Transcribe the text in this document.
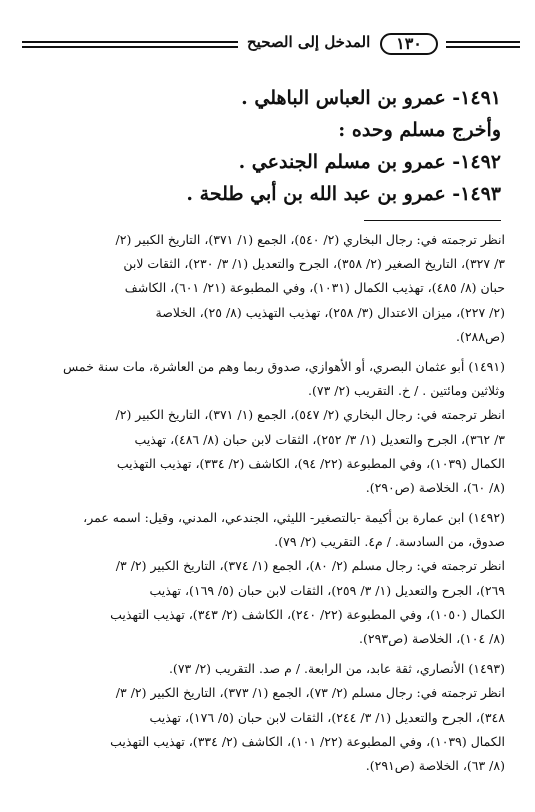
١٣٠
المدخل إلى الصحيح
١٤٩١- عمرو بن العباس الباهلي .
وأخرج مسلم وحده :
١٤٩٢- عمرو بن مسلم الجندعي .
١٤٩٣- عمرو بن عبد الله بن أبي طلحة .
انظر ترجمته في: رجال البخاري (٢/ ٥٤٠)، الجمع (١/ ٣٧١)، التاريخ الكبير (٢/
٣/ ٣٢٧)، التاريخ الصغير (٢/ ٣٥٨)، الجرح والتعديل (١/ ٣/ ٢٣٠)، الثقات لابن
حبان (٨/ ٤٨٥)، تهذيب الكمال (١٠٣١)، وفي المطبوعة (٢١/ ٦٠١)، الكاشف
(٢/ ٢٢٧)، ميزان الاعتدال (٣/ ٢٥٨)، تهذيب التهذيب (٨/ ٢٥)، الخلاصة
(ص٢٨٨).
(١٤٩١) أبو عثمان البصري، أو الأهوازي، صدوق ربما وهم من العاشرة، مات سنة خمس
وثلاثين ومائتين . / خ. التقريب (٢/ ٧٣).
انظر ترجمته في: رجال البخاري (٢/ ٥٤٧)، الجمع (١/ ٣٧١)، التاريخ الكبير (٢/
٣/ ٣٦٢)، الجرح والتعديل (١/ ٣/ ٢٥٢)، الثقات لابن حبان (٨/ ٤٨٦)، تهذيب
الكمال (١٠٣٩)، وفي المطبوعة (٢٢/ ٩٤)، الكاشف (٢/ ٣٣٤)، تهذيب التهذيب
(٨/ ٦٠)، الخلاصة (ص٢٩٠).
(١٤٩٢) ابن عمارة بن أكيمة -بالتصغير- الليثي، الجندعي، المدني، وقيل: اسمه عمر،
صدوق، من السادسة. / م٤. التقريب (٢/ ٧٩).
انظر ترجمته في: رجال مسلم (٢/ ٨٠)، الجمع (١/ ٣٧٤)، التاريخ الكبير (٢/ ٣/
٢٦٩)، الجرح والتعديل (١/ ٣/ ٢٥٩)، الثقات لابن حبان (٥/ ١٦٩)، تهذيب
الكمال (١٠٥٠)، وفي المطبوعة (٢٢/ ٢٤٠)، الكاشف (٢/ ٣٤٣)، تهذيب التهذيب
(٨/ ١٠٤)، الخلاصة (ص٢٩٣).
(١٤٩٣) الأنصاري، ثقة عابد، من الرابعة. / م صد. التقريب (٢/ ٧٣).
انظر ترجمته في: رجال مسلم (٢/ ٧٣)، الجمع (١/ ٣٧٣)، التاريخ الكبير (٢/ ٣/
٣٤٨)، الجرح والتعديل (١/ ٣/ ٢٤٤)، الثقات لابن حبان (٥/ ١٧٦)، تهذيب
الكمال (١٠٣٩)، وفي المطبوعة (٢٢/ ١٠١)، الكاشف (٢/ ٣٣٤)، تهذيب التهذيب
(٨/ ٦٣)، الخلاصة (ص٢٩١).
